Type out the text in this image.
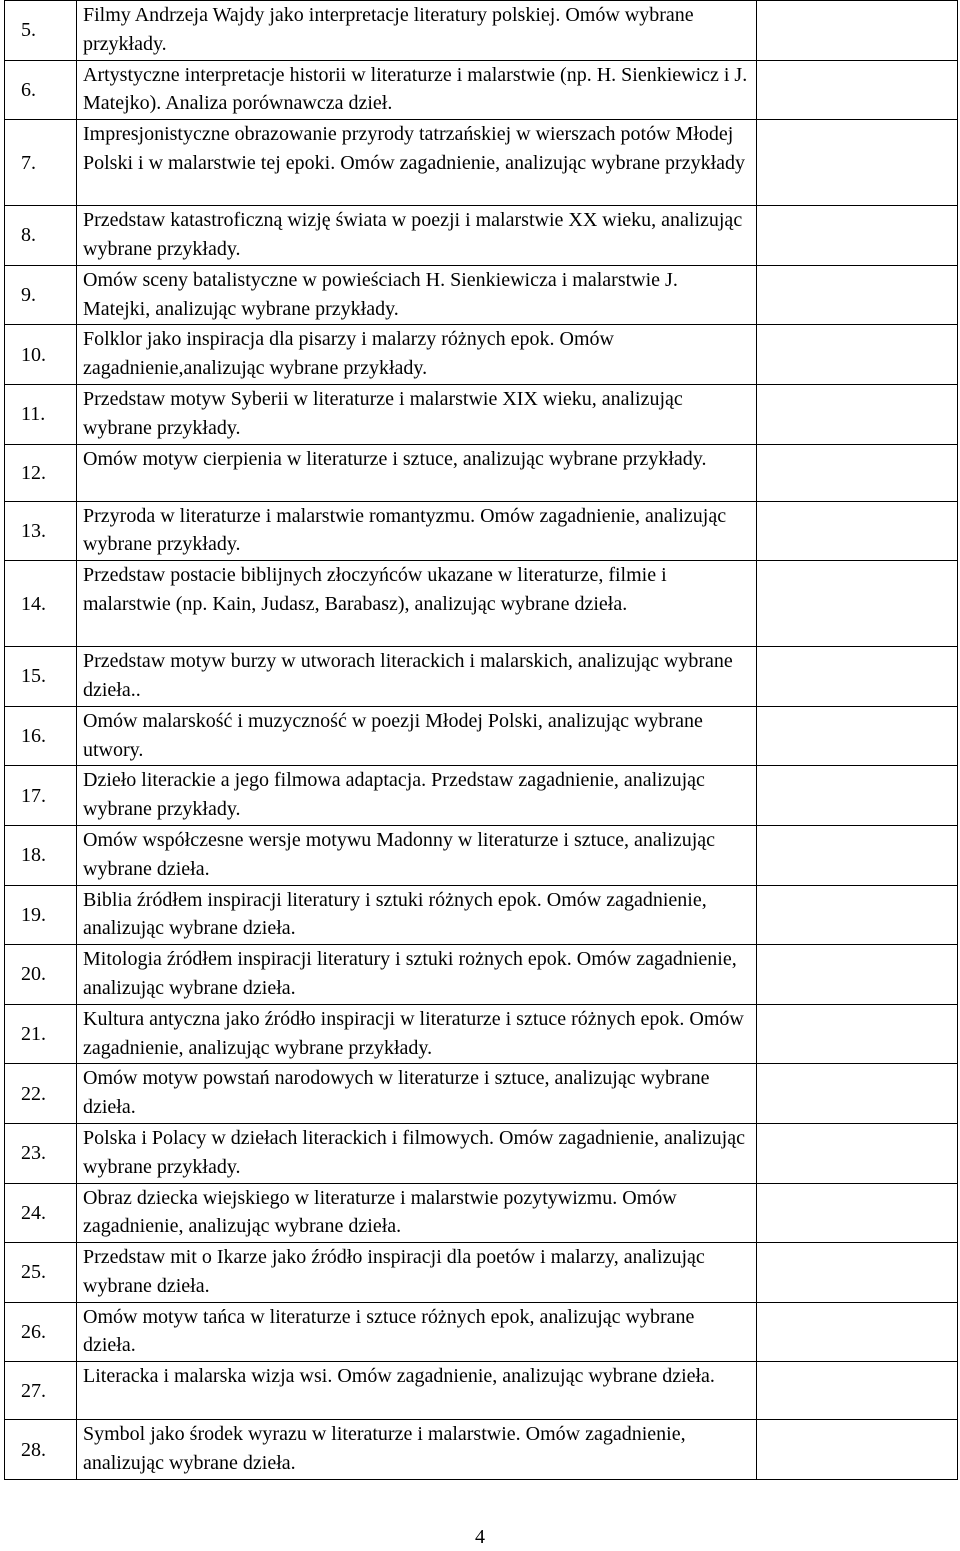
5.	Filmy Andrzeja Wajdy jako interpretacje literatury polskiej. Omów wybrane przykłady.	
6.	Artystyczne interpretacje historii w literaturze i malarstwie (np. H. Sienkiewicz i J. Matejko). Analiza porównawcza dzieł.	
7.	Impresjonistyczne obrazowanie przyrody tatrzańskiej w wierszach potów Młodej Polski i w malarstwie tej epoki. Omów zagadnienie, analizując wybrane przykłady	
8.	Przedstaw katastroficzną wizję świata w poezji i malarstwie XX wieku, analizując wybrane przykłady.	
9.	Omów sceny batalistyczne w powieściach H. Sienkiewicza i malarstwie J. Matejki, analizując wybrane przykłady.	
10.	Folklor jako inspiracja dla pisarzy i malarzy różnych epok. Omów zagadnienie,analizując wybrane przykłady.	
11.	Przedstaw motyw Syberii w literaturze i malarstwie XIX wieku, analizując wybrane przykłady.	
12.	Omów motyw cierpienia w literaturze i sztuce, analizując wybrane przykłady.	
13.	Przyroda w literaturze i malarstwie romantyzmu. Omów zagadnienie, analizując wybrane przykłady.	
14.	Przedstaw postacie biblijnych złoczyńców ukazane w literaturze, filmie i malarstwie (np. Kain, Judasz, Barabasz), analizując wybrane dzieła.	
15.	Przedstaw motyw burzy w utworach literackich i malarskich, analizując wybrane dzieła..	
16.	Omów malarskość i muzyczność w poezji Młodej Polski, analizując wybrane utwory.	
17.	Dzieło literackie a jego filmowa adaptacja. Przedstaw zagadnienie, analizując wybrane przykłady.	
18.	Omów współczesne wersje motywu Madonny w literaturze i sztuce, analizując wybrane dzieła.	
19.	Biblia źródłem inspiracji literatury i sztuki różnych epok. Omów zagadnienie, analizując wybrane dzieła.	
20.	Mitologia źródłem inspiracji literatury i sztuki rożnych epok. Omów zagadnienie, analizując wybrane dzieła.	
21.	Kultura antyczna jako źródło inspiracji w literaturze i sztuce różnych epok. Omów zagadnienie, analizując wybrane przykłady.	
22.	Omów motyw powstań narodowych w literaturze i sztuce, analizując wybrane dzieła.	
23.	Polska i Polacy w dziełach literackich i filmowych. Omów zagadnienie, analizując wybrane przykłady.	
24.	Obraz dziecka wiejskiego w literaturze i malarstwie pozytywizmu. Omów zagadnienie, analizując wybrane dzieła.	
25.	Przedstaw mit o Ikarze jako źródło inspiracji dla poetów i malarzy, analizując wybrane dzieła.	
26.	Omów motyw tańca w literaturze i sztuce różnych epok, analizując wybrane dzieła.	
27.	Literacka i malarska wizja wsi. Omów zagadnienie, analizując wybrane dzieła.	
28.	Symbol jako środek wyrazu w literaturze i malarstwie. Omów zagadnienie, analizując wybrane dzieła.	
4
